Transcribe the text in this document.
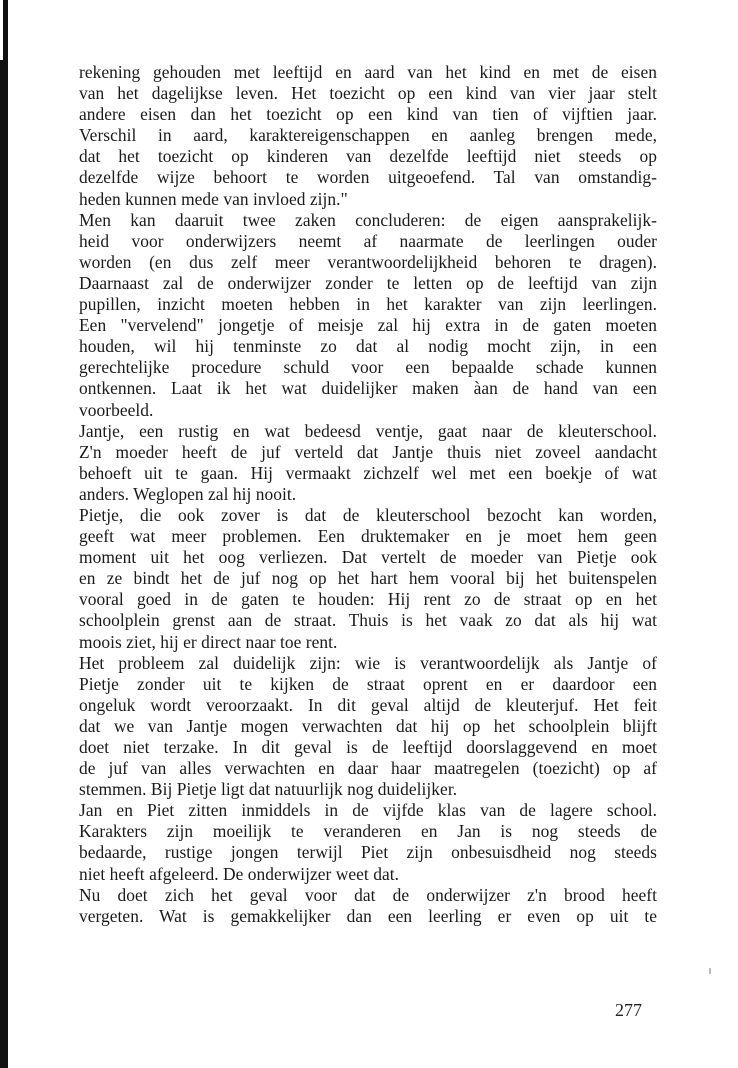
rekening gehouden met leeftijd en aard van het kind en met de eisen
van het dagelijkse leven. Het toezicht op een kind van vier jaar stelt
andere eisen dan het toezicht op een kind van tien of vijftien jaar.
Verschil in aard, karaktereigenschappen en aanleg brengen mede,
dat het toezicht op kinderen van dezelfde leeftijd niet steeds op
dezelfde wijze behoort te worden uitgeoefend. Tal van omstandig-
heden kunnen mede van invloed zijn."
Men kan daaruit twee zaken concluderen: de eigen aansprakelijk-
heid voor onderwijzers neemt af naarmate de leerlingen ouder
worden (en dus zelf meer verantwoordelijkheid behoren te dragen).
Daarnaast zal de onderwijzer zonder te letten op de leeftijd van zijn
pupillen, inzicht moeten hebben in het karakter van zijn leerlingen.
Een "vervelend" jongetje of meisje zal hij extra in de gaten moeten
houden, wil hij tenminste zo dat al nodig mocht zijn, in een
gerechtelijke procedure schuld voor een bepaalde schade kunnen
ontkennen. Laat ik het wat duidelijker maken àan de hand van een
voorbeeld.
Jantje, een rustig en wat bedeesd ventje, gaat naar de kleuterschool.
Z'n moeder heeft de juf verteld dat Jantje thuis niet zoveel aandacht
behoeft uit te gaan. Hij vermaakt zichzelf wel met een boekje of wat
anders. Weglopen zal hij nooit.
Pietje, die ook zover is dat de kleuterschool bezocht kan worden,
geeft wat meer problemen. Een druktemaker en je moet hem geen
moment uit het oog verliezen. Dat vertelt de moeder van Pietje ook
en ze bindt het de juf nog op het hart hem vooral bij het buitenspelen
vooral goed in de gaten te houden: Hij rent zo de straat op en het
schoolplein grenst aan de straat. Thuis is het vaak zo dat als hij wat
moois ziet, hij er direct naar toe rent.
Het probleem zal duidelijk zijn: wie is verantwoordelijk als Jantje of
Pietje zonder uit te kijken de straat oprent en er daardoor een
ongeluk wordt veroorzaakt. In dit geval altijd de kleuterjuf. Het feit
dat we van Jantje mogen verwachten dat hij op het schoolplein blijft
doet niet terzake. In dit geval is de leeftijd doorslaggevend en moet
de juf van alles verwachten en daar haar maatregelen (toezicht) op af
stemmen. Bij Pietje ligt dat natuurlijk nog duidelijker.
Jan en Piet zitten inmiddels in de vijfde klas van de lagere school.
Karakters zijn moeilijk te veranderen en Jan is nog steeds de
bedaarde, rustige jongen terwijl Piet zijn onbesuisdheid nog steeds
niet heeft afgeleerd. De onderwijzer weet dat.
Nu doet zich het geval voor dat de onderwijzer z'n brood heeft
vergeten. Wat is gemakkelijker dan een leerling er even op uit te
277
